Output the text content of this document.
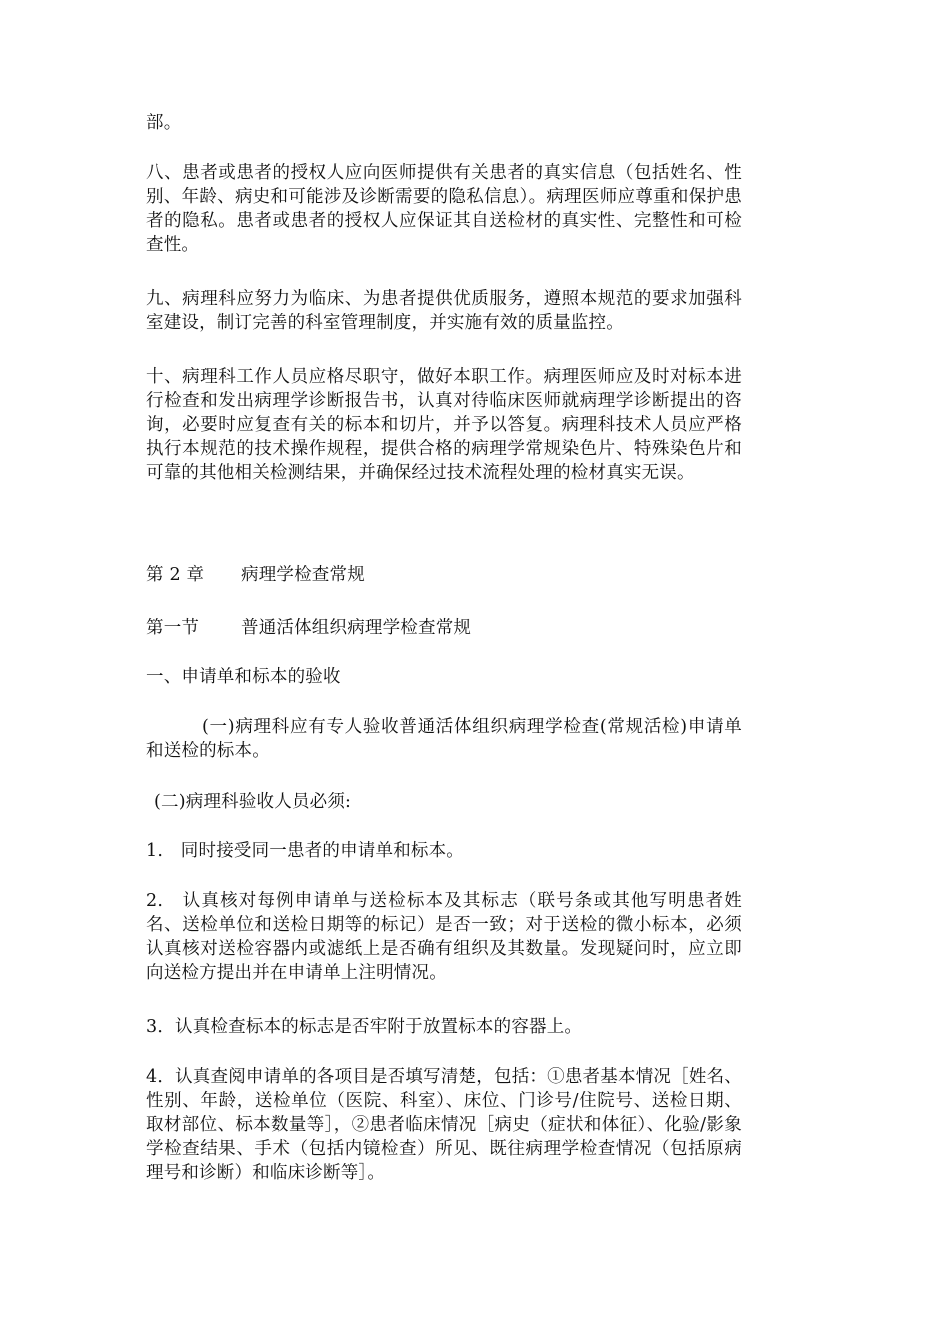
部。

八、患者或患者的授权人应向医师提供有关患者的真实信息（包括姓名、性别、年龄、病史和可能涉及诊断需要的隐私信息）。病理医师应尊重和保护患者的隐私。患者或患者的授权人应保证其自送检材的真实性、完整性和可检查性。

九、病理科应努力为临床、为患者提供优质服务，遵照本规范的要求加强科室建设，制订完善的科室管理制度，并实施有效的质量监控。

十、病理科工作人员应格尽职守，做好本职工作。病理医师应及时对标本进行检查和发出病理学诊断报告书，认真对待临床医师就病理学诊断提出的咨询，必要时应复查有关的标本和切片，并予以答复。病理科技术人员应严格执行本规范的技术操作规程，提供合格的病理学常规染色片、特殊染色片和可靠的其他相关检测结果，并确保经过技术流程处理的检材真实无误。

第 2 章 病理学检查常规
第一节 普通活体组织病理学检查常规

一、申请单和标本的验收

(一)病理科应有专人验收普通活体组织病理学检查(常规活检)申请单和送检的标本。

(二)病理科验收人员必须:

1.　同时接受同一患者的申请单和标本。

2.　认真核对每例申请单与送检标本及其标志（联号条或其他写明患者姓名、送检单位和送检日期等的标记）是否一致；对于送检的微小标本，必须认真核对送检容器内或滤纸上是否确有组织及其数量。发现疑问时，应立即向送检方提出并在申请单上注明情况。

3．认真检查标本的标志是否牢附于放置标本的容器上。

4．认真查阅申请单的各项目是否填写清楚，包括：①患者基本情况［姓名、性别、年龄，送检单位（医院、科室）、床位、门诊号/住院号、送检日期、取材部位、标本数量等］，②患者临床情况［病史（症状和体征）、化验/影象学检查结果、手术（包括内镜检查）所见、既往病理学检查情况（包括原病理号和诊断）和临床诊断等］。
